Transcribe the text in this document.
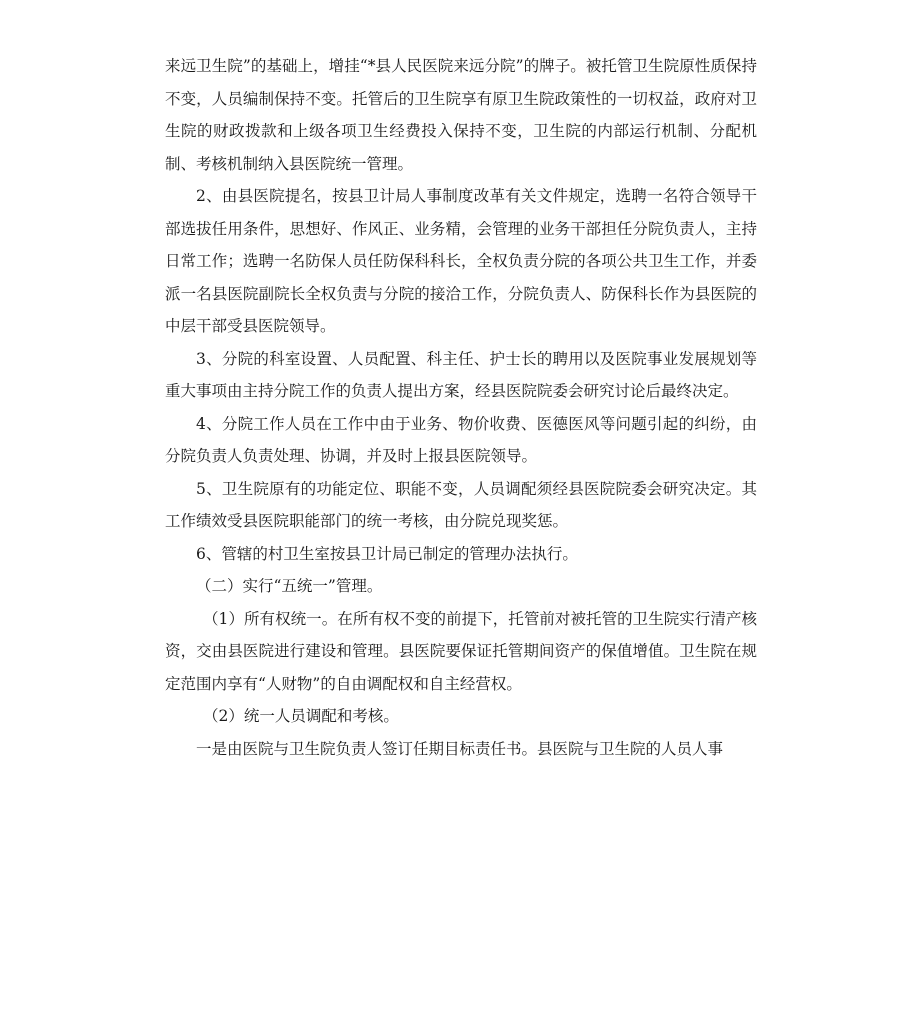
来远卫生院”的基础上，增挂“*县人民医院来远分院”的牌子。被托管卫生院原性质保持不变，人员编制保持不变。托管后的卫生院享有原卫生院政策性的一切权益，政府对卫生院的财政拨款和上级各项卫生经费投入保持不变，卫生院的内部运行机制、分配机制、考核机制纳入县医院统一管理。

2、由县医院提名，按县卫计局人事制度改革有关文件规定，选聘一名符合领导干部选拔任用条件，思想好、作风正、业务精，会管理的业务干部担任分院负责人，主持日常工作；选聘一名防保人员任防保科科长，全权负责分院的各项公共卫生工作，并委派一名县医院副院长全权负责与分院的接洽工作，分院负责人、防保科长作为县医院的中层干部受县医院领导。

3、分院的科室设置、人员配置、科主任、护士长的聘用以及医院事业发展规划等重大事项由主持分院工作的负责人提出方案，经县医院院委会研究讨论后最终决定。

4、分院工作人员在工作中由于业务、物价收费、医德医风等问题引起的纠纷，由分院负责人负责处理、协调，并及时上报县医院领导。

5、卫生院原有的功能定位、职能不变，人员调配须经县医院院委会研究决定。其工作绩效受县医院职能部门的统一考核，由分院兑现奖惩。

6、管辖的村卫生室按县卫计局已制定的管理办法执行。

（二）实行“五统一”管理。

（1）所有权统一。在所有权不变的前提下，托管前对被托管的卫生院实行清产核资，交由县医院进行建设和管理。县医院要保证托管期间资产的保值增值。卫生院在规定范围内享有“人财物”的自由调配权和自主经营权。

（2）统一人员调配和考核。

一是由医院与卫生院负责人签订任期目标责任书。县医院与卫生院的人员人事
